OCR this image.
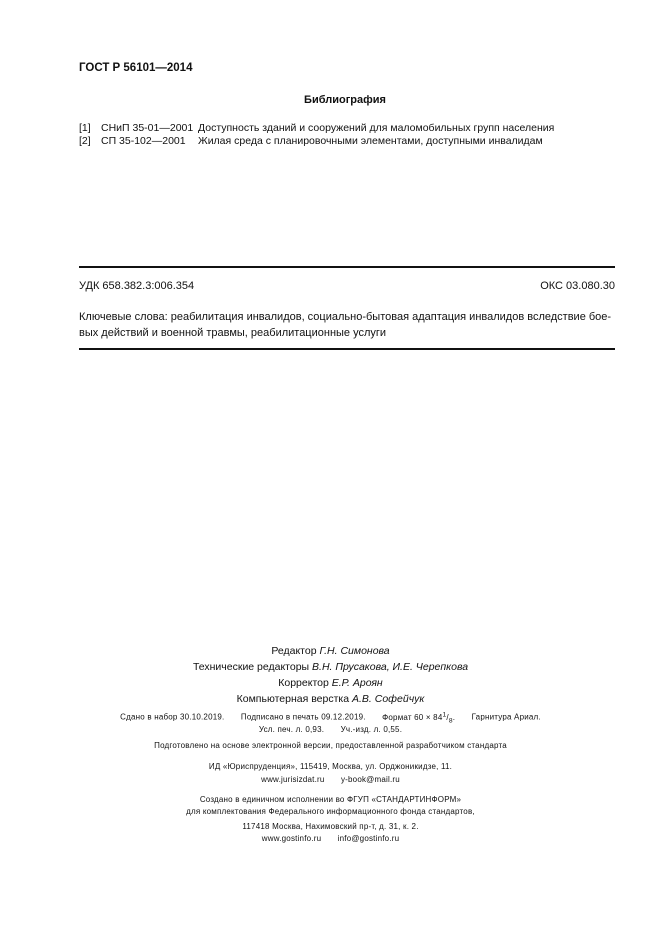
ГОСТ Р 56101—2014
Библиография
[1] СНиП 35-01—2001 Доступность зданий и сооружений для маломобильных групп населения
[2] СП 35-102—2001	Жилая среда с планировочными элементами, доступными инвалидам
УДК 658.382.3:006.354	ОКС 03.080.30
Ключевые слова: реабилитация инвалидов, социально-бытовая адаптация инвалидов вследствие бое-
вых действий и военной травмы, реабилитационные услуги
Редактор Г.Н. Симонова
Технические редакторы В.Н. Прусакова, И.Е. Черепкова
Корректор Е.Р. Ароян
Компьютерная верстка А.В. Софейчук
Сдано в набор 30.10.2019. Подписано в печать 09.12.2019. Формат $60 \times 84^1/_8$. Гарнитура Ариал.
Усл. печ. л. 0,93. Уч.-изд. л. 0,55.
Подготовлено на основе электронной версии, предоставленной разработчиком стандарта
ИД «Юриспруденция», 115419, Москва, ул. Орджоникидзе, 11.
www.jurisizdat.ru y-book@mail.ru
Создано в единичном исполнении во ФГУП «СТАНДАРТИНФОРМ»
для комплектования Федерального информационного фонда стандартов,
117418 Москва, Нахимовский пр-т, д. 31, к. 2.
www.gostinfo.ru info@gostinfo.ru
